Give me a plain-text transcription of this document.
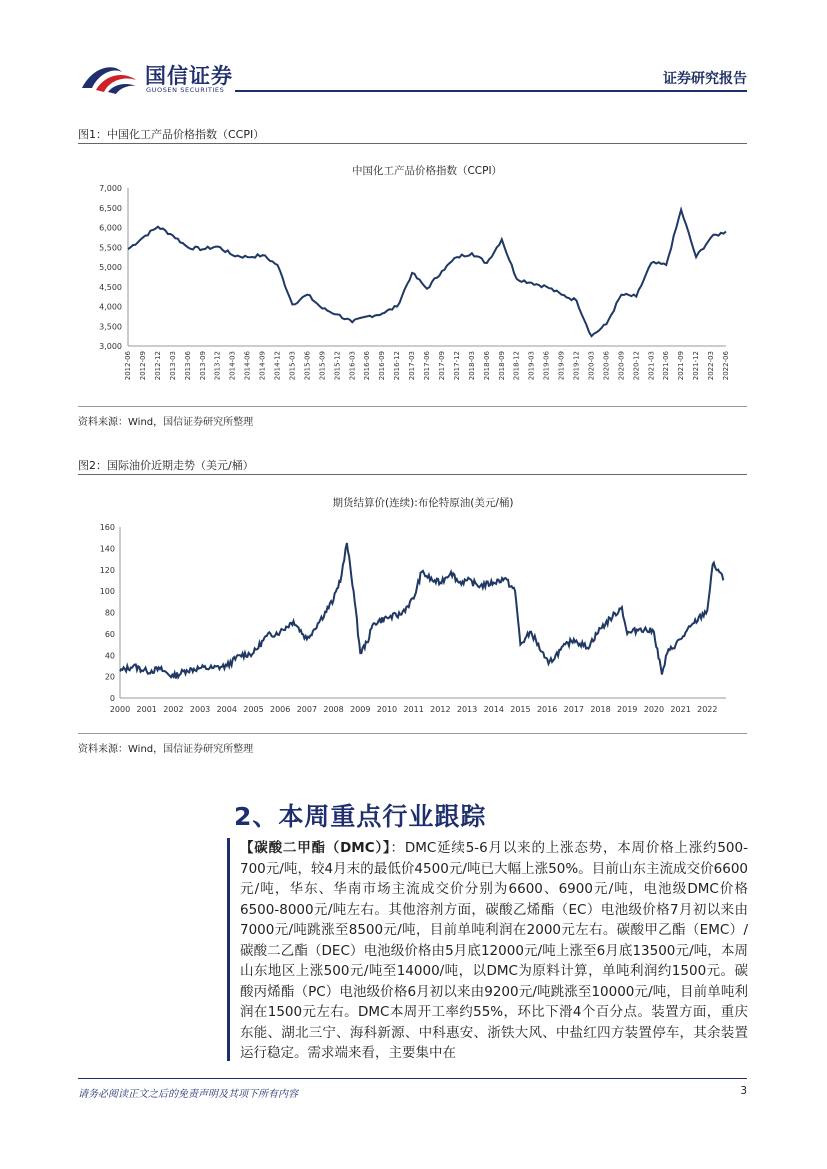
国信证券
GUOSEN SECURITIES
证券研究报告
图1：中国化工产品价格指数（CCPI）
中国化工产品价格指数（CCPI）
3,000
3,500
4,000
4,500
5,000
5,500
6,000
6,500
7,000
2012-06 2012-09 2012-12 2013-03 2013-06 2013-09 2013-12 2014-03 2014-06 2014-09 2014-12 2015-03 2015-06 2015-09 2015-12 2016-03 2016-06 2016-09 2016-12 2017-03 2017-06 2017-09 2017-12 2018-03 2018-06 2018-09 2018-12 2019-03 2019-06 2019-09 2019-12 2020-03 2020-06 2020-09 2020-12 2021-03 2021-06 2021-09 2021-12 2022-03 2022-06
资料来源：Wind，国信证券研究所整理
图2：国际油价近期走势（美元/桶）
期货结算价(连续):布伦特原油(美元/桶)
0
20
40
60
80
100
120
140
160
2000 2001 2002 2003 2004 2005 2006 2007 2008 2009 2010 2011 2012 2013 2014 2015 2016 2017 2018 2019 2020 2021 2022
资料来源：Wind，国信证券研究所整理
2、本周重点行业跟踪
【碳酸二甲酯（DMC）】：DMC延续5-6月以来的上涨态势，本周价格上涨约500-700元/吨，较4月末的最低价4500元/吨已大幅上涨50%。目前山东主流成交价6600元/吨，华东、华南市场主流成交价分别为6600、6900元/吨，电池级DMC价格6500-8000元/吨左右。其他溶剂方面，碳酸乙烯酯（EC）电池级价格7月初以来由7000元/吨跳涨至8500元/吨，目前单吨利润在2000元左右。碳酸甲乙酯（EMC）/碳酸二乙酯（DEC）电池级价格由5月底12000元/吨上涨至6月底13500元/吨，本周山东地区上涨500元/吨至14000/吨，以DMC为原料计算，单吨利润约1500元。碳酸丙烯酯（PC）电池级价格6月初以来由9200元/吨跳涨至10000元/吨，目前单吨利润在1500元左右。DMC本周开工率约55%，环比下滑4个百分点。装置方面，重庆东能、湖北三宁、海科新源、中科惠安、浙铁大风、中盐红四方装置停车，其余装置运行稳定。需求端来看，主要集中在
请务必阅读正文之后的免责声明及其项下所有内容	3
